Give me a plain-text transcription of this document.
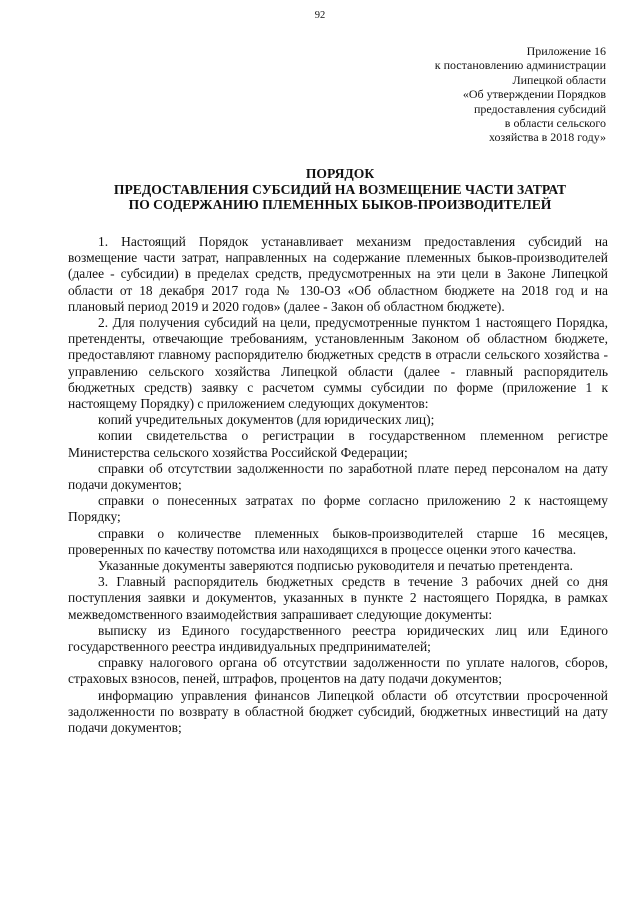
92
Приложение 16
к постановлению администрации
Липецкой области
«Об утверждении Порядков
предоставления субсидий
в области сельского
хозяйства в 2018 году»
ПОРЯДОК
ПРЕДОСТАВЛЕНИЯ СУБСИДИЙ НА ВОЗМЕЩЕНИЕ ЧАСТИ ЗАТРАТ
ПО СОДЕРЖАНИЮ ПЛЕМЕННЫХ БЫКОВ-ПРОИЗВОДИТЕЛЕЙ

1. Настоящий Порядок устанавливает механизм предоставления субсидий на возмещение части затрат, направленных на содержание племенных быков-производителей (далее - субсидии) в пределах средств, предусмотренных на эти цели в Законе Липецкой области от 18 декабря 2017 года № 130-ОЗ «Об областном бюджете на 2018 год и на плановый период 2019 и 2020 годов» (далее - Закон об областном бюджете).

2. Для получения субсидий на цели, предусмотренные пунктом 1 настоящего Порядка, претенденты, отвечающие требованиям, установленным Законом об областном бюджете, предоставляют главному распорядителю бюджетных средств в отрасли сельского хозяйства - управлению сельского хозяйства Липецкой области (далее - главный распорядитель бюджетных средств) заявку с расчетом суммы субсидии по форме (приложение 1 к настоящему Порядку) с приложением следующих документов:

копий учредительных документов (для юридических лиц);

копии свидетельства о регистрации в государственном племенном регистре Министерства сельского хозяйства Российской Федерации;

справки об отсутствии задолженности по заработной плате перед персоналом на дату подачи документов;

справки о понесенных затратах по форме согласно приложению 2 к настоящему Порядку;

справки о количестве племенных быков-производителей старше 16 месяцев, проверенных по качеству потомства или находящихся в процессе оценки этого качества.

Указанные документы заверяются подписью руководителя и печатью претендента.

3. Главный распорядитель бюджетных средств в течение 3 рабочих дней со дня поступления заявки и документов, указанных в пункте 2 настоящего Порядка, в рамках межведомственного взаимодействия запрашивает следующие документы:

выписку из Единого государственного реестра юридических лиц или Единого государственного реестра индивидуальных предпринимателей;

справку налогового органа об отсутствии задолженности по уплате налогов, сборов, страховых взносов, пеней, штрафов, процентов на дату подачи документов;

информацию управления финансов Липецкой области об отсутствии просроченной задолженности по возврату в областной бюджет субсидий, бюджетных инвестиций на дату подачи документов;
